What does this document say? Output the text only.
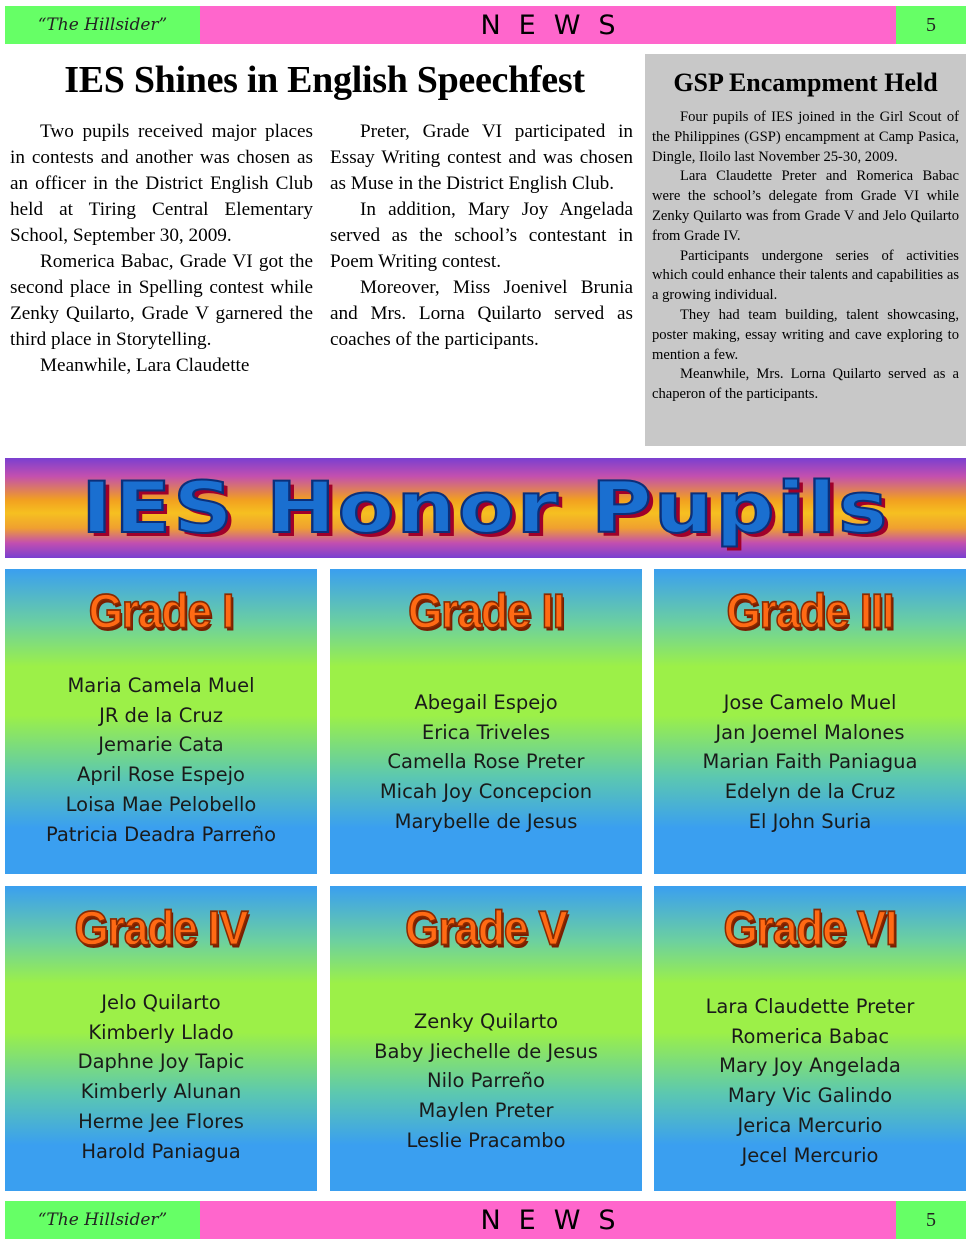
“The Hillsider”	NEWS	5
IES Shines in English Speechfest

Two pupils received major places in contests and another was chosen as an officer in the District English Club held at Tiring Central Elementary School, September 30, 2009.

Romerica Babac, Grade VI got the second place in Spelling contest while Zenky Quilarto, Grade V garnered the third place in Storytelling.

Meanwhile, Lara Claudette

Preter, Grade VI participated in Essay Writing contest and was chosen as Muse in the District English Club.

In addition, Mary Joy Angelada served as the school’s contestant in Poem Writing contest.

Moreover, Miss Joenivel Brunia and Mrs. Lorna Quilarto served as coaches of the participants.

GSP Encampment Held

Four pupils of IES joined in the Girl Scout of the Philippines (GSP) encampment at Camp Pasica, Dingle, Iloilo last November 25-30, 2009.

Lara Claudette Preter and Romerica Babac were the school’s delegate from Grade VI while Zenky Quilarto was from Grade V and Jelo Quilarto from Grade IV.

Participants undergone series of activities which could enhance their talents and capabilities as a growing individual.

They had team building, talent showcasing, poster making, essay writing and cave exploring to mention a few.

Meanwhile, Mrs. Lorna Quilarto served as a chaperon of the participants.

IES Honor Pupils
Grade I
Maria Camela Muel
JR de la Cruz
Jemarie Cata
April Rose Espejo
Loisa Mae Pelobello
Patricia Deadra Parreño
Grade II
Abegail Espejo
Erica Triveles
Camella Rose Preter
Micah Joy Concepcion
Marybelle de Jesus
Grade III
Jose Camelo Muel
Jan Joemel Malones
Marian Faith Paniagua
Edelyn de la Cruz
El John Suria
Grade IV
Jelo Quilarto
Kimberly Llado
Daphne Joy Tapic
Kimberly Alunan
Herme Jee Flores
Harold Paniagua
Grade V
Zenky Quilarto
Baby Jiechelle de Jesus
Nilo Parreño
Maylen Preter
Leslie Pracambo
Grade VI
Lara Claudette Preter
Romerica Babac
Mary Joy Angelada
Mary Vic Galindo
Jerica Mercurio
Jecel Mercurio
“The Hillsider”	NEWS	5
